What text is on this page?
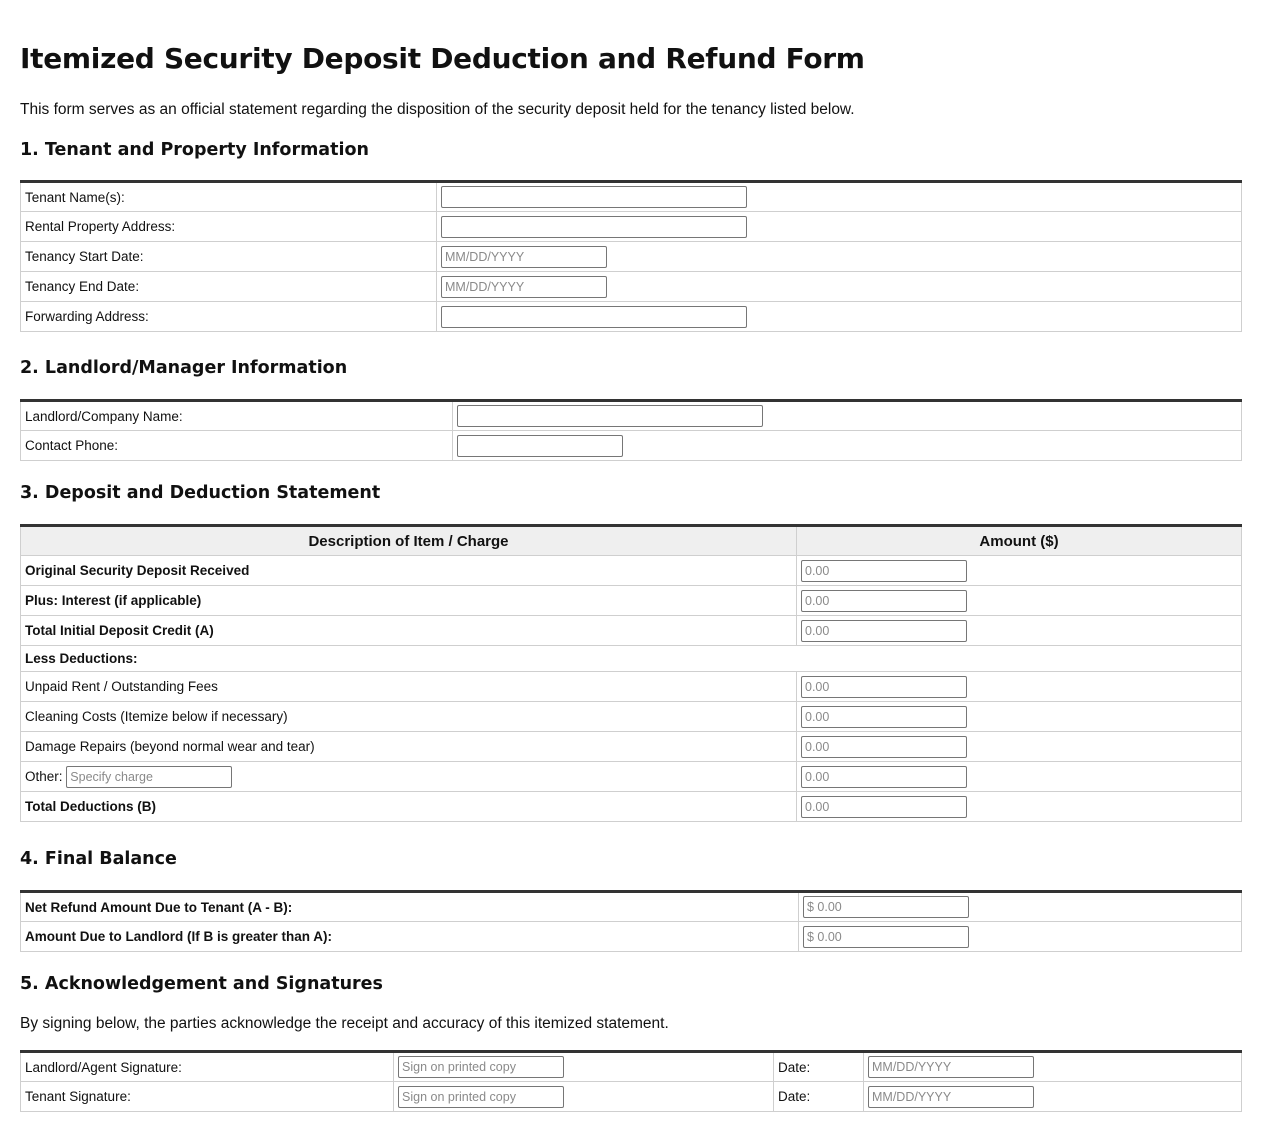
Itemized Security Deposit Deduction and Refund Form

This form serves as an official statement regarding the disposition of the security deposit held for the tenancy listed below.

1. Tenant and Property Information
Tenant Name(s):	
Rental Property Address:	
Tenancy Start Date:	MM/DD/YYYY
Tenancy End Date:	MM/DD/YYYY
Forwarding Address:	
2. Landlord/Manager Information
Landlord/Company Name:	
Contact Phone:	
3. Deposit and Deduction Statement
Description of Item / Charge	Amount ($)
Original Security Deposit Received	0.00
Plus: Interest (if applicable)	0.00
Total Initial Deposit Credit (A)	0.00
Less Deductions:	
Unpaid Rent / Outstanding Fees	0.00
Cleaning Costs (Itemize below if necessary)	0.00
Damage Repairs (beyond normal wear and tear)	0.00
Other: Specify charge	0.00
Total Deductions (B)	0.00
4. Final Balance
Net Refund Amount Due to Tenant (A - B):	$ 0.00
Amount Due to Landlord (If B is greater than A):	$ 0.00
5. Acknowledgement and Signatures

By signing below, the parties acknowledge the receipt and accuracy of this itemized statement.

Landlord/Agent Signature:	Sign on printed copy	Date:	MM/DD/YYYY
Tenant Signature:	Sign on printed copy	Date:	MM/DD/YYYY
